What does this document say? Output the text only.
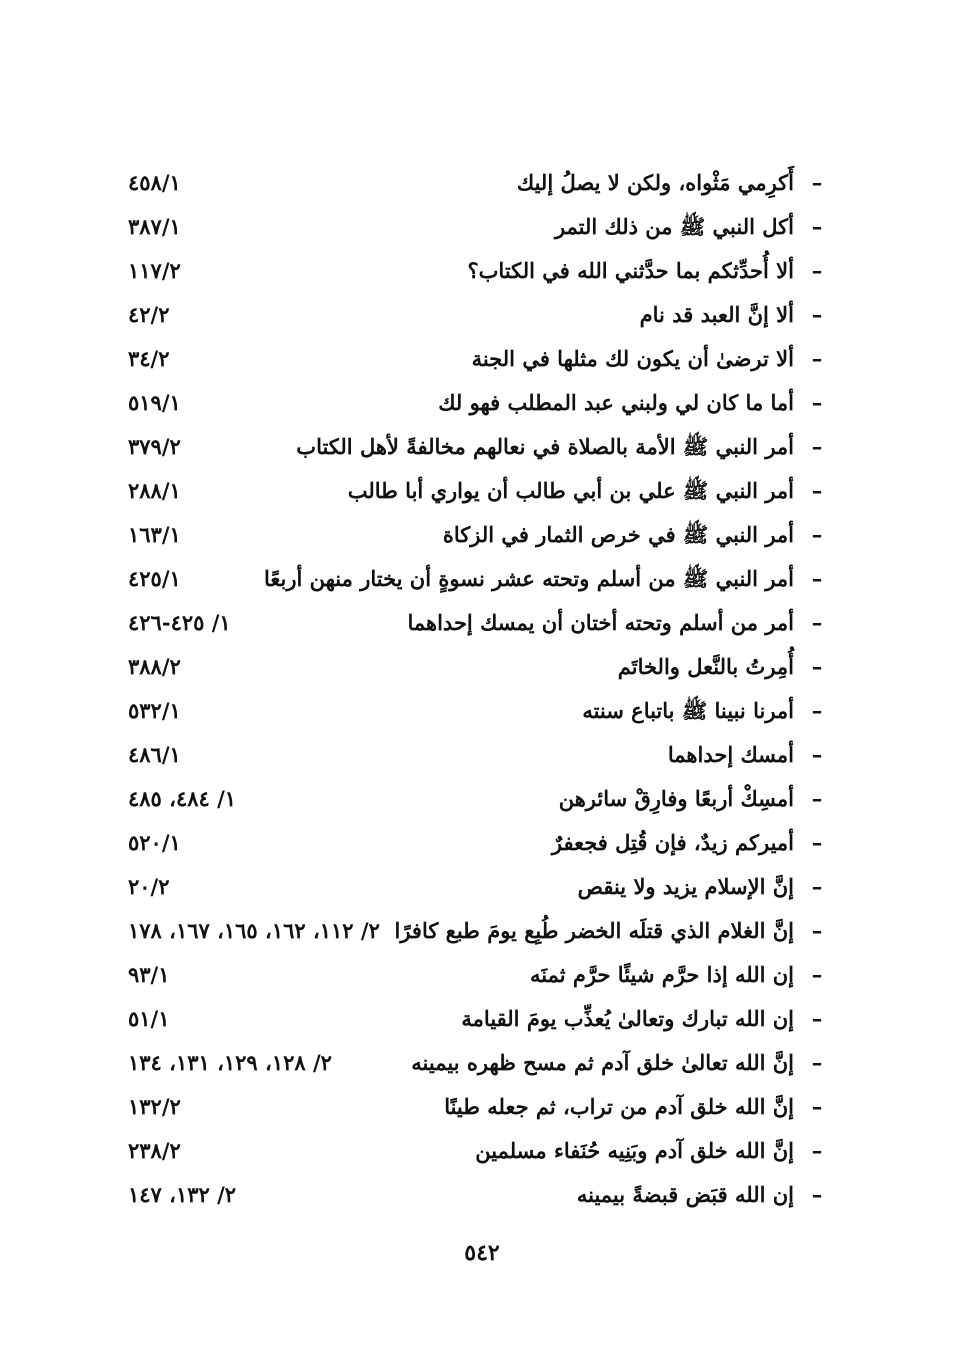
–
أَكرِمي مَثْواه، ولكن لا يصلُ إليك
٤٥٨/١
–
أكل النبي ﷺ من ذلك التمر
٣٨٧/١
–
ألا أُحدِّثكم بما حدَّثني الله في الكتاب؟
١١٧/٢
–
ألا إنَّ العبد قد نام
٤٢/٢
–
ألا ترضىٰ أن يكون لك مثلها في الجنة
٣٤/٢
–
أما ما كان لي ولبني عبد المطلب فهو لك
٥١٩/١
–
أمر النبي ﷺ الأمة بالصلاة في نعالهم مخالفةً لأهل الكتاب
٣٧٩/٢
–
أمر النبي ﷺ علي بن أبي طالب أن يواري أبا طالب
٢٨٨/١
–
أمر النبي ﷺ في خرص الثمار في الزكاة
١٦٣/١
–
أمر النبي ﷺ من أسلم وتحته عشر نسوةٍ أن يختار منهن أربعًا
٤٢٥/١
–
أمر من أسلم وتحته أختان أن يمسك إحداهما
١/ ٤٢٥-٤٢٦
–
أُمِرتُ بالنَّعل والخاتَم
٣٨٨/٢
–
أمرنا نبينا ﷺ باتباع سنته
٥٣٢/١
–
أمسك إحداهما
٤٨٦/١
–
أمسِكْ أربعًا وفارِقْ سائرهن
١/ ٤٨٤، ٤٨٥
–
أميركم زيدٌ، فإن قُتِل فجعفرٌ
٥٢٠/١
–
إنَّ الإسلام يزيد ولا ينقص
٢٠/٢
–
إنَّ الغلام الذي قتلَه الخضر طُبِع يومَ طبع كافرًا
٢/ ١١٢، ١٦٢، ١٦٥، ١٦٧، ١٧٨
–
إن الله إذا حرَّم شيئًا حرَّم ثمنَه
٩٣/١
–
إن الله تبارك وتعالىٰ يُعذِّب يومَ القيامة
٥١/١
–
إنَّ الله تعالىٰ خلق آدم ثم مسح ظهره بيمينه
٢/ ١٢٨، ١٢٩، ١٣١، ١٣٤
–
إنَّ الله خلق آدم من تراب، ثم جعله طينًا
١٣٢/٢
–
إنَّ الله خلق آدم وبَنِيه حُنَفاء مسلمين
٢٣٨/٢
–
إن الله قبَض قبضةً بيمينه
٢/ ١٣٢، ١٤٧
٥٤٢
